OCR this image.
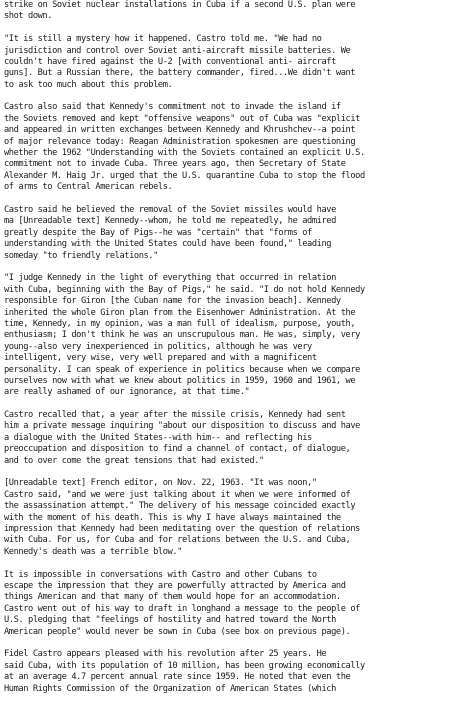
strike on Soviet nuclear installations in Cuba if a second U.S. plan were
shot down.
"It is still a mystery how it happened. Castro told me. "We had no
jurisdiction and control over Soviet anti-aircraft missile batteries. We
couldn't have fired against the U-2 [with conventional anti- aircraft
guns]. But a Russian there, the battery commander, fired...We didn't want
to ask too much about this problem.
Castro also said that Kennedy's commitment not to invade the island if
the Soviets removed and kept "offensive weapons" out of Cuba was "explicit
and appeared in written exchanges between Kennedy and Khrushchev--a point
of major relevance today: Reagan Administration spokesmen are questioning
whether the 1962 "Understanding with the Soviets contained an explicit U.S.
commitment not to invade Cuba. Three years ago, then Secretary of State
Alexander M. Haig Jr. urged that the U.S. quarantine Cuba to stop the flood
of arms to Central American rebels.
Castro said he believed the removal of the Soviet missiles would have
ma [Unreadable text] Kennedy--whom, he told me repeatedly, he admired
greatly despite the Bay of Pigs--he was "certain" that "forms of
understanding with the United States could have been found," leading
someday "to friendly relations."
"I judge Kennedy in the light of everything that occurred in relation
with Cuba, beginning with the Bay of Pigs," he said. "I do not hold Kennedy
responsible for Giron [the Cuban name for the invasion beach]. Kennedy
inherited the whole Giron plan from the Eisenhower Administration. At the
time, Kennedy, in my opinion, was a man full of idealism, purpose, youth,
enthusiasm; I don't think he was an unscrupulous man. He was, simply, very
young--also very inexperienced in politics, although he was very
intelligent, very wise, very well prepared and with a magnificent
personality. I can speak of experience in politics because when we compare
ourselves now with what we knew about politics in 1959, 1960 and 1961, we
are really ashamed of our ignorance, at that time."
Castro recalled that, a year after the missile crisis, Kennedy had sent
him a private message inquiring "about our disposition to discuss and have
a dialogue with the United States--with him-- and reflecting his
preoccupation and disposition to find a channel of contact, of dialogue,
and to over come the great tensions that had existed."
[Unreadable text] French editor, on Nov. 22, 1963. "It was noon,"
Castro said, "and we were just talking about it when we were informed of
the assassination attempt." The delivery of his message coincided exactly
with the moment of his death. This is why I have always maintained the
impression that Kennedy had been meditating over the question of relations
with Cuba. For us, for Cuba and for relations between the U.S. and Cuba,
Kennedy's death was a terrible blow."
It is impossible in conversations with Castro and other Cubans to
escape the impression that they are powerfully attracted by America and
things American and that many of them would hope for an accommodation.
Castro went out of his way to draft in longhand a message to the people of
U.S. pledging that "feelings of hostility and hatred toward the North
American people" would never be sown in Cuba (see box on previous page).
Fidel Castro appears pleased with his revolution after 25 years. He
said Cuba, with its population of 10 million, has been growing economically
at an average 4.7 percent annual rate since 1959. He noted that even the
Human Rights Commission of the Organization of American States (which
